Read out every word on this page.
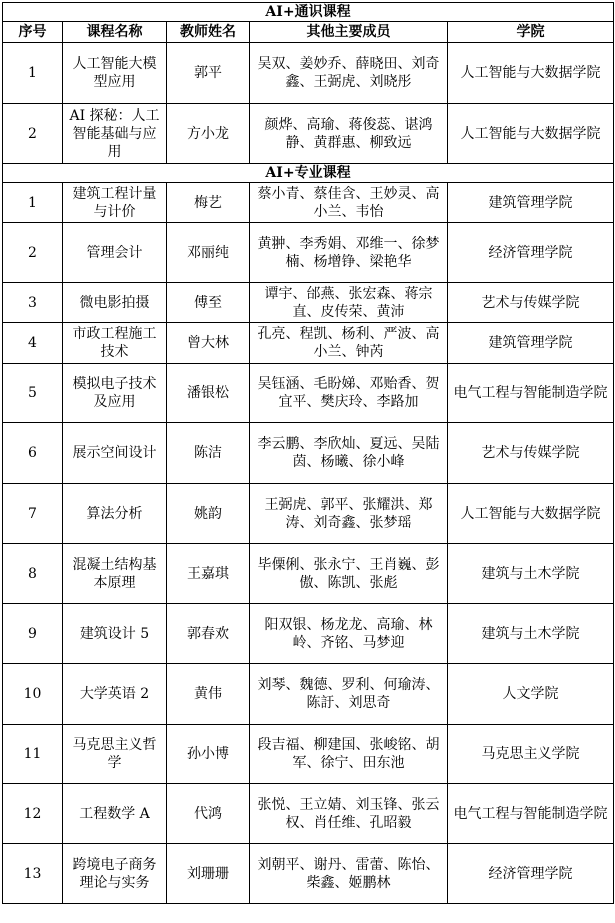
AI+通识课程				
序号	课程名称	教师姓名	其他主要成员	学院
1	人工智能大模型应用	郭平	吴双、姜妙乔、薛晓田、刘奇鑫、王弼虎、刘晓彤	人工智能与大数据学院
2	AI 探秘：人工智能基础与应用	方小龙	颜烨、高瑜、蒋俊蕊、谌鸿静、黄群惠、柳致远	人工智能与大数据学院
AI+专业课程				
1	建筑工程计量与计价	梅艺	蔡小青、蔡佳含、王妙灵、高小兰、韦怡	建筑管理学院
2	管理会计	邓丽纯	黄翀、李秀娟、邓维一、徐梦楠、杨增铮、梁艳华	经济管理学院
3	微电影拍摄	傅至	谭宇、邰燕、张宏森、蒋宗直、皮传荣、黄沛	艺术与传媒学院
4	市政工程施工技术	曾大林	孔亮、程凯、杨利、严波、高小兰、钟芮	建筑管理学院
5	模拟电子技术及应用	潘银松	吴钰涵、毛盼娣、邓贻香、贺宜平、樊庆玲、李路加	电气工程与智能制造学院
6	展示空间设计	陈洁	李云鹏、李欣灿、夏远、吴陆茵、杨曦、徐小峰	艺术与传媒学院
7	算法分析	姚韵	王弼虎、郭平、张耀洪、郑涛、刘奇鑫、张梦瑶	人工智能与大数据学院
8	混凝土结构基本原理	王嘉琪	毕傈俐、张永宁、王肖巍、彭傲、陈凯、张彪	建筑与土木学院
9	建筑设计 5	郭春欢	阳双银、杨龙龙、高瑜、林岭、齐铭、马梦迎	建筑与土木学院
10	大学英语 2	黄伟	刘琴、魏德、罗利、何瑜涛、陈訏、刘思奇	人文学院
11	马克思主义哲学	孙小博	段吉福、柳建国、张峻铭、胡军、徐宁、田东池	马克思主义学院
12	工程数学 A	代鸿	张悦、王立婧、刘玉锋、张云权、肖任维、孔昭毅	电气工程与智能制造学院
13	跨境电子商务理论与实务	刘珊珊	刘朝平、谢丹、雷蕾、陈怡、柴鑫、姬鹏林	经济管理学院
